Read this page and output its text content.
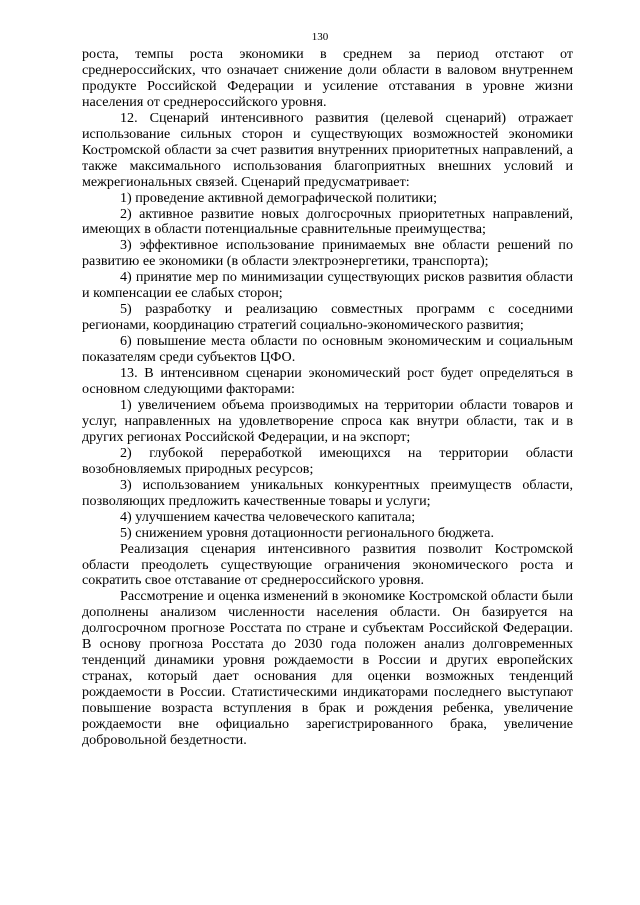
130

роста, темпы роста экономики в среднем за период отстают от среднероссийских, что означает снижение доли области в валовом внутреннем продукте Российской Федерации и усиление отставания в уровне жизни населения от среднероссийского уровня.

12. Сценарий интенсивного развития (целевой сценарий) отражает использование сильных сторон и существующих возможностей экономики Костромской области за счет развития внутренних приоритетных направлений, а также максимального использования благоприятных внешних условий и межрегиональных связей. Сценарий предусматривает:

1) проведение активной демографической политики;

2) активное развитие новых долгосрочных приоритетных направлений, имеющих в области потенциальные сравнительные преимущества;

3) эффективное использование принимаемых вне области решений по развитию ее экономики (в области электроэнергетики, транспорта);

4) принятие мер по минимизации существующих рисков развития области и компенсации ее слабых сторон;

5) разработку и реализацию совместных программ с соседними регионами, координацию стратегий социально-экономического развития;

6) повышение места области по основным экономическим и социальным показателям среди субъектов ЦФО.

13. В интенсивном сценарии экономический рост будет определяться в основном следующими факторами:

1) увеличением объема производимых на территории области товаров и услуг, направленных на удовлетворение спроса как внутри области, так и в других регионах Российской Федерации, и на экспорт;

2) глубокой переработкой имеющихся на территории области возобновляемых природных ресурсов;

3) использованием уникальных конкурентных преимуществ области, позволяющих предложить качественные товары и услуги;

4) улучшением качества человеческого капитала;

5) снижением уровня дотационности регионального бюджета.

Реализация сценария интенсивного развития позволит Костромской области преодолеть существующие ограничения экономического роста и сократить свое отставание от среднероссийского уровня.

Рассмотрение и оценка изменений в экономике Костромской области были дополнены анализом численности населения области. Он базируется на долгосрочном прогнозе Росстата по стране и субъектам Российской Федерации. В основу прогноза Росстата до 2030 года положен анализ долговременных тенденций динамики уровня рождаемости в России и других европейских странах, который дает основания для оценки возможных тенденций рождаемости в России. Статистическими индикаторами последнего выступают повышение возраста вступления в брак и рождения ребенка, увеличение рождаемости вне официально зарегистрированного брака, увеличение добровольной бездетности.
